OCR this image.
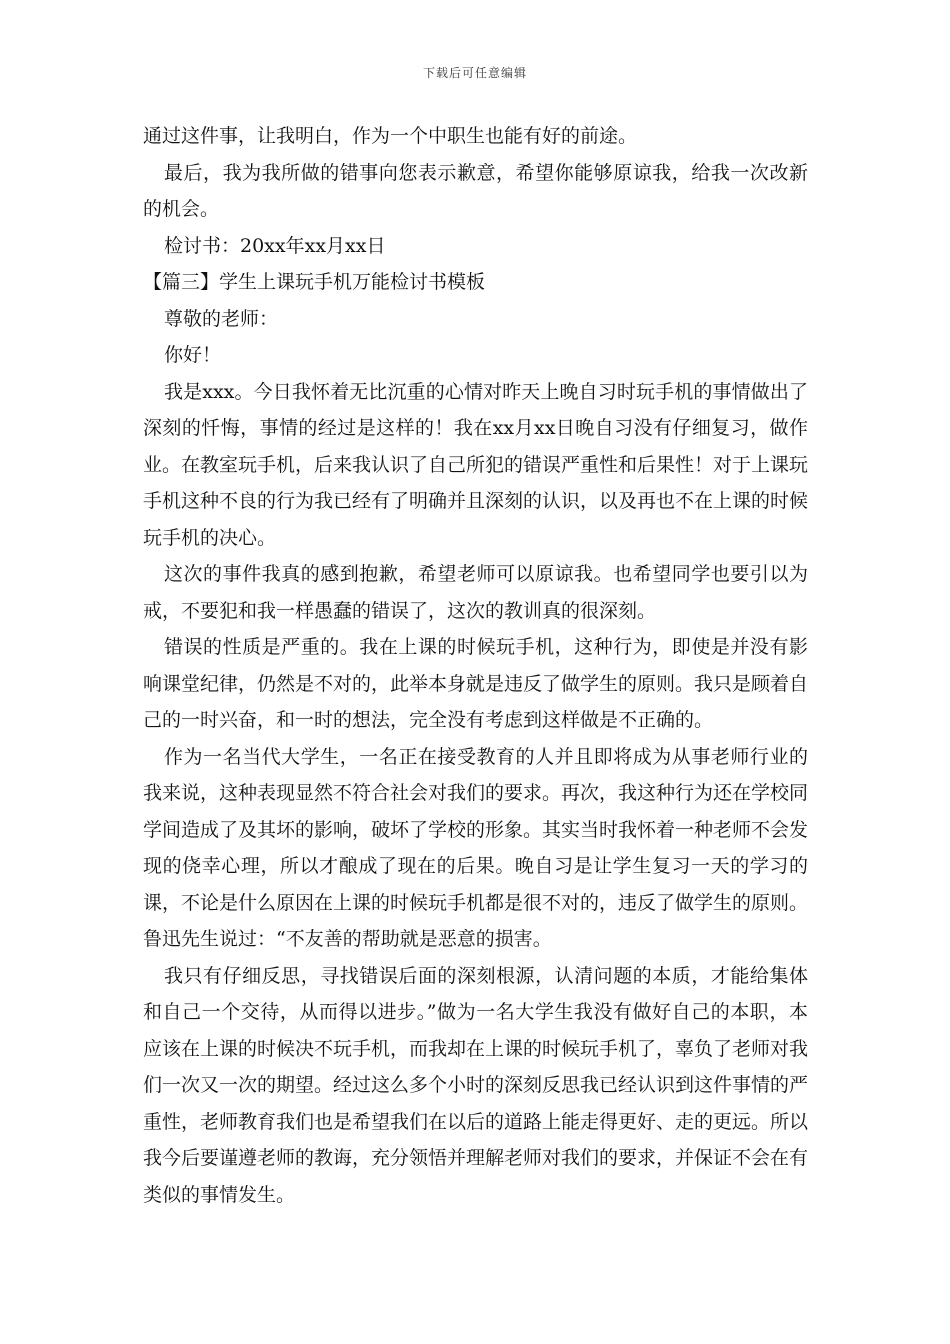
下载后可任意编辑

通过这件事，让我明白，作为一个中职生也能有好的前途。

最后，我为我所做的错事向您表示歉意，希望你能够原谅我，给我一次改新的机会。

检讨书：20xx年xx月xx日

【篇三】学生上课玩手机万能检讨书模板

尊敬的老师：

你好！

我是xxx。今日我怀着无比沉重的心情对昨天上晚自习时玩手机的事情做出了深刻的忏悔，事情的经过是这样的！我在xx月xx日晚自习没有仔细复习，做作业。在教室玩手机，后来我认识了自己所犯的错误严重性和后果性！对于上课玩手机这种不良的行为我已经有了明确并且深刻的认识，以及再也不在上课的时候玩手机的决心。

这次的事件我真的感到抱歉，希望老师可以原谅我。也希望同学也要引以为戒，不要犯和我一样愚蠢的错误了，这次的教训真的很深刻。

错误的性质是严重的。我在上课的时候玩手机，这种行为，即使是并没有影响课堂纪律，仍然是不对的，此举本身就是违反了做学生的原则。我只是顾着自己的一时兴奋，和一时的想法，完全没有考虑到这样做是不正确的。

作为一名当代大学生，一名正在接受教育的人并且即将成为从事老师行业的我来说，这种表现显然不符合社会对我们的要求。再次，我这种行为还在学校同学间造成了及其坏的影响，破坏了学校的形象。其实当时我怀着一种老师不会发现的侥幸心理，所以才酿成了现在的后果。晚自习是让学生复习一天的学习的课，不论是什么原因在上课的时候玩手机都是很不对的，违反了做学生的原则。鲁迅先生说过：“不友善的帮助就是恶意的损害。

我只有仔细反思，寻找错误后面的深刻根源，认清问题的本质，才能给集体和自己一个交待，从而得以进步。”做为一名大学生我没有做好自己的本职，本应该在上课的时候决不玩手机，而我却在上课的时候玩手机了，辜负了老师对我们一次又一次的期望。经过这么多个小时的深刻反思我已经认识到这件事情的严重性，老师教育我们也是希望我们在以后的道路上能走得更好、走的更远。所以我今后要谨遵老师的教诲，充分领悟并理解老师对我们的要求，并保证不会在有类似的事情发生。
